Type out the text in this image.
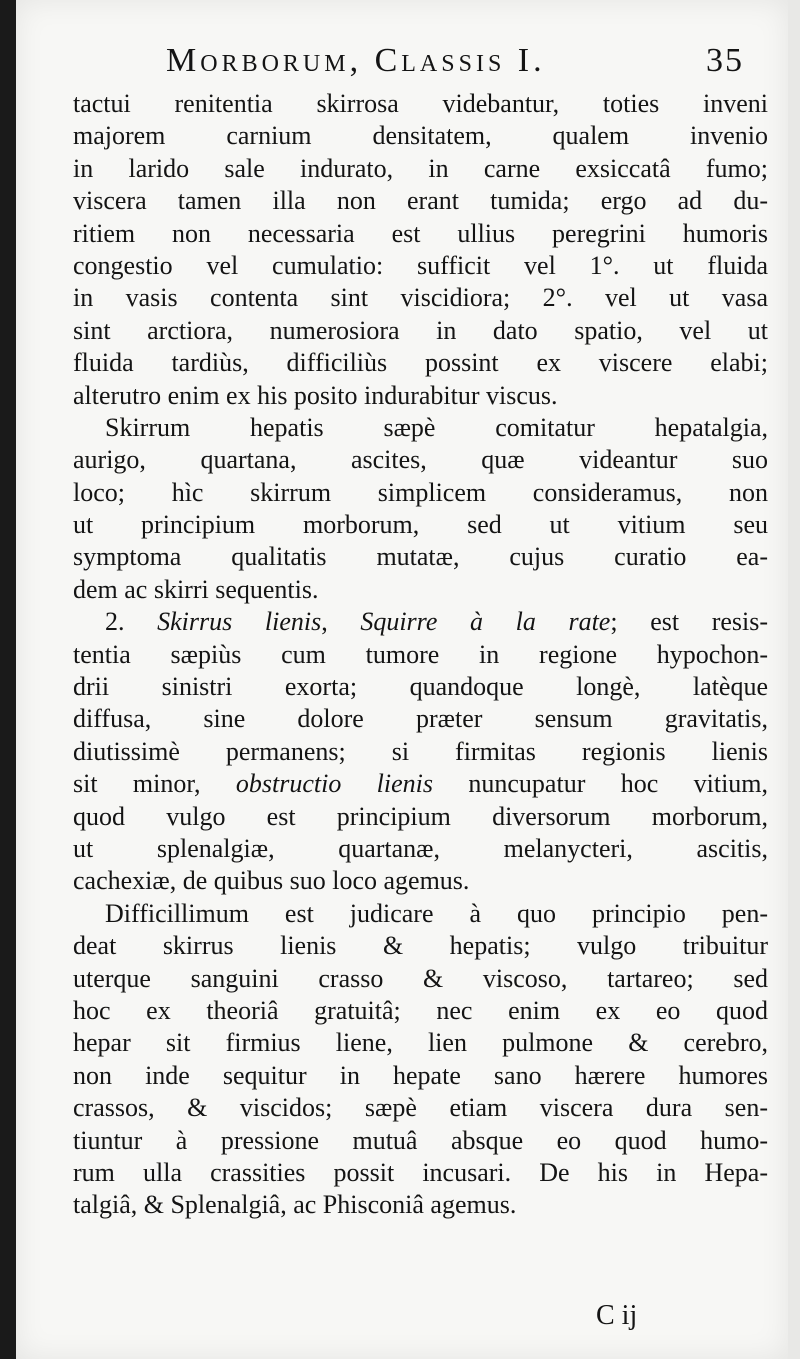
Morborum, Classis I.	35
tactui renitentia skirrosa videbantur, toties inveni
majorem carnium densitatem, qualem invenio
in larido sale indurato, in carne exsiccatâ fumo;
viscera tamen illa non erant tumida; ergo ad du-
ritiem non necessaria est ullius peregrini humoris
congestio vel cumulatio: sufficit vel 1°. ut fluida
in vasis contenta sint viscidiora; 2°. vel ut vasa
sint arctiora, numerosiora in dato spatio, vel ut
fluida tardiùs, difficiliùs possint ex viscere elabi;
alterutro enim ex his posito indurabitur viscus.
Skirrum hepatis sæpè comitatur hepatalgia,
aurigo, quartana, ascites, quæ videantur suo
loco; hìc skirrum simplicem consideramus, non
ut principium morborum, sed ut vitium seu
symptoma qualitatis mutatæ, cujus curatio ea-
dem ac skirri sequentis.
2. Skirrus lienis, Squirre à la rate; est resis-
tentia sæpiùs cum tumore in regione hypochon-
drii sinistri exorta; quandoque longè, latèque
diffusa, sine dolore præter sensum gravitatis,
diutissimè permanens; si firmitas regionis lienis
sit minor, obstructio lienis nuncupatur hoc vitium,
quod vulgo est principium diversorum morborum,
ut splenalgiæ, quartanæ, melanycteri, ascitis,
cachexiæ, de quibus suo loco agemus.
Difficillimum est judicare à quo principio pen-
deat skirrus lienis & hepatis; vulgo tribuitur
uterque sanguini crasso & viscoso, tartareo; sed
hoc ex theoriâ gratuitâ; nec enim ex eo quod
hepar sit firmius liene, lien pulmone & cerebro,
non inde sequitur in hepate sano hærere humores
crassos, & viscidos; sæpè etiam viscera dura sen-
tiuntur à pressione mutuâ absque eo quod humo-
rum ulla crassities possit incusari. De his in Hepa-
talgiâ, & Splenalgiâ, ac Phisconiâ agemus.
C ij
